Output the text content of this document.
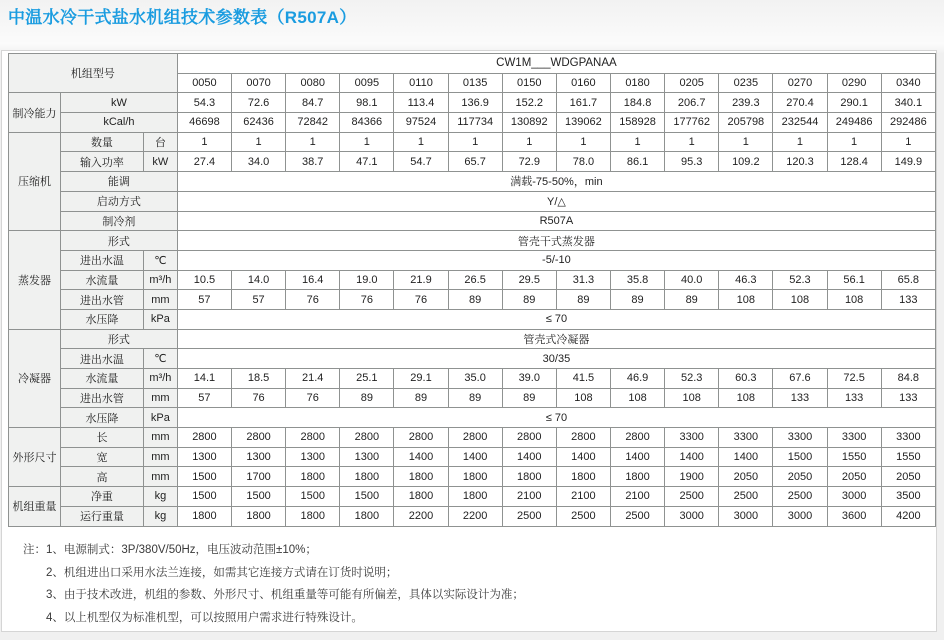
中温水冷干式盐水机组技术参数表（R507A）
机组型号			CW1M___WDGPANAA													
			0050	0070	0080	0095	0110	0135	0150	0160	0180	0205	0235	0270	0290	0340
制冷能力	kW		54.3	72.6	84.7	98.1	113.4	136.9	152.2	161.7	184.8	206.7	239.3	270.4	290.1	340.1
	kCal/h		46698	62436	72842	84366	97524	117734	130892	139062	158928	177762	205798	232544	249486	292486
压缩机	数量	台	1	1	1	1	1	1	1	1	1	1	1	1	1	1
	输入功率	kW	27.4	34.0	38.7	47.1	54.7	65.7	72.9	78.0	86.1	95.3	109.2	120.3	128.4	149.9
	能调		满载-75-50%，min													
	启动方式		Y/△													
	制冷剂		R507A													
蒸发器	形式		管壳干式蒸发器													
	进出水温	℃	-5/-10													
	水流量	m³/h	10.5	14.0	16.4	19.0	21.9	26.5	29.5	31.3	35.8	40.0	46.3	52.3	56.1	65.8
	进出水管	mm	57	57	76	76	76	89	89	89	89	89	108	108	108	133
	水压降	kPa	≤ 70													
冷凝器	形式		管壳式冷凝器													
	进出水温	℃	30/35													
	水流量	m³/h	14.1	18.5	21.4	25.1	29.1	35.0	39.0	41.5	46.9	52.3	60.3	67.6	72.5	84.8
	进出水管	mm	57	76	76	89	89	89	89	108	108	108	108	133	133	133
	水压降	kPa	≤ 70													
外形尺寸	长	mm	2800	2800	2800	2800	2800	2800	2800	2800	2800	3300	3300	3300	3300	3300
	宽	mm	1300	1300	1300	1300	1400	1400	1400	1400	1400	1400	1400	1500	1550	1550
	高	mm	1500	1700	1800	1800	1800	1800	1800	1800	1800	1900	2050	2050	2050	2050
机组重量	净重	kg	1500	1500	1500	1500	1800	1800	2100	2100	2100	2500	2500	2500	3000	3500
	运行重量	kg	1800	1800	1800	1800	2200	2200	2500	2500	2500	3000	3000	3000	3600	4200
注： 1、电源制式：3P/380V/50Hz，电压波动范围±10%；
2、机组进出口采用水法兰连接，如需其它连接方式请在订货时说明；
3、由于技术改进，机组的参数、外形尺寸、机组重量等可能有所偏差，具体以实际设计为准；
4、以上机型仅为标准机型，可以按照用户需求进行特殊设计。
